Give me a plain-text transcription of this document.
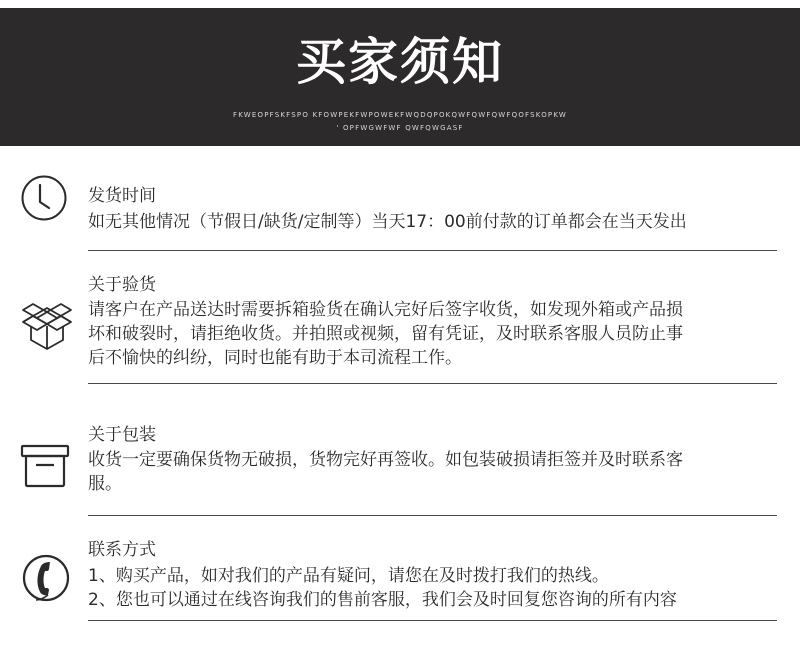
买家须知
FKWEOPFSKFSPO KFOWPEKFWPOWEKFWQDQPOKQWFQWFQWFQOFSKOPKW
' OPFWGWFWF QWFQWGASF
发货时间

如无其他情况（节假日/缺货/定制等）当天17：00前付款的订单都会在当天发出

关于验货

请客户在产品送达时需要拆箱验货在确认完好后签字收货，如发现外箱或产品损

坏和破裂时，请拒绝收货。并拍照或视频，留有凭证，及时联系客服人员防止事

后不愉快的纠纷，同时也能有助于本司流程工作。

关于包装

收货一定要确保货物无破损，货物完好再签收。如包装破损请拒签并及时联系客

服。

联系方式

1、购买产品，如对我们的产品有疑问，请您在及时拨打我们的热线。

2、您也可以通过在线咨询我们的售前客服，我们会及时回复您咨询的所有内容
